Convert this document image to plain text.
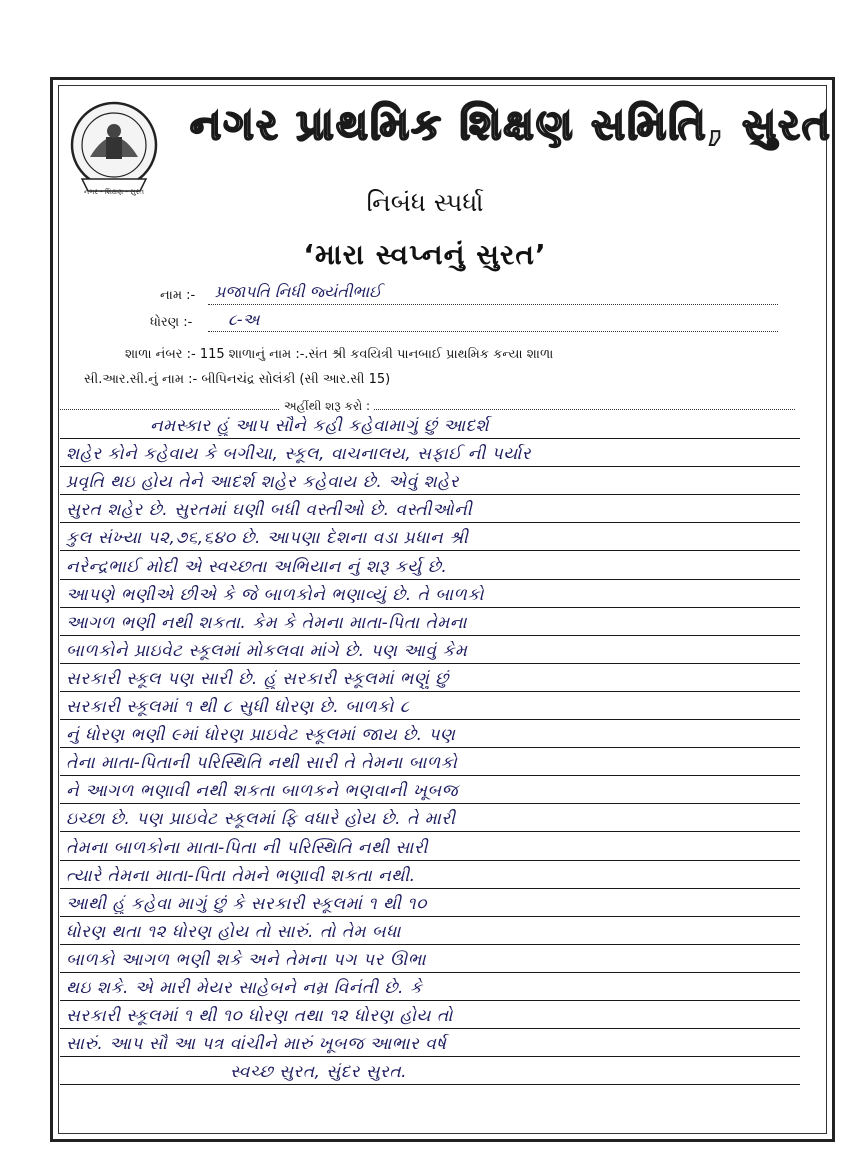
નગર - શિક્ષણ - સુરત
નગર પ્રાથમિક શિક્ષણ સમિતિ, સુરત
નિબંધ સ્પર્ધા
‘મારા સ્વપ્નનું સુરત’
નામ :- પ્રજાપતિ નિધી જ્યંતીભાઈ
ધોરણ :- ૮-અ
શાળા નંબર :- 115 શાળાનું નામ :-.સંત શ્રી કવયિત્રી પાનબાઈ પ્રાથમિક કન્યા શાળા
સી.આર.સી.નું નામ :- બીપિનચંદ્ર સોલંકી (સી આર.સી 15)
અહીંથી શરૂ કરો :
નમસ્કાર હું આપ સૌને કહી કહેવામાગું છું આદર્શ
શહેર કોને કહેવાય કે બગીચા, સ્કૂલ, વાચનાલય, સફાઈ ની પર્યાર
પ્રવૃતિ થઇ હોય તેને આદર્શ શહેર કહેવાય છે. એવું શહેર
સુરત શહેર છે. સુરતમાં ઘણી બધી વસ્તીઓ છે. વસ્તીઓની
કુલ સંખ્યા ૫૨,૭૬,૬૪૦ છે. આપણા દેશના વડા પ્રધાન શ્રી
નરેન્દ્રભાઈ મોદી એ સ્વચ્છતા અભિયાન નું શરૂ કર્યુ છે.
આપણે ભણીએ છીએ કે જે બાળકોને ભણાવ્યું છે. તે બાળકો
આગળ ભણી નથી શકતા. કેમ કે તેમના માતા-પિતા તેમના
બાળકોને પ્રાઇવેટ સ્કૂલમાં મોકલવા માંગે છે. પણ આવું કેમ
સરકારી સ્કૂલ પણ સારી છે. હું સરકારી સ્કૂલમાં ભણું છું
સરકારી સ્કૂલમાં ૧ થી ૮ સુધી ધોરણ છે. બાળકો ૮
નું ધોરણ ભણી ૯માં ધોરણ પ્રાઇવેટ સ્કૂલમાં જાય છે. પણ
તેના માતા-પિતાની પરિસ્થિતિ નથી સારી તે તેમના બાળકો
ને આગળ ભણાવી નથી શકતા બાળકને ભણવાની ખૂબજ
ઇચ્છા છે. પણ પ્રાઇવેટ સ્કૂલમાં ફિ વધારે હોય છે. તે મારી
તેમના બાળકોના માતા-પિતા ની પરિસ્થિતિ નથી સારી
ત્યારે તેમના માતા-પિતા તેમને ભણાવી શકતા નથી.
આથી હું કહેવા માગું છું કે સરકારી સ્કૂલમાં ૧ થી ૧૦
ધોરણ થતા ૧૨ ધોરણ હોય તો સારું. તો તેમ બધા
બાળકો આગળ ભણી શકે અને તેમના પગ પર ઊભા
થઇ શકે. એ મારી મેયર સાહેબને નમ્ર વિનંતી છે. કે
સરકારી સ્કૂલમાં ૧ થી ૧૦ ધોરણ તથા ૧૨ ધોરણ હોય તો
સારું. આપ સૌ આ પત્ર વાંચીને મારું ખૂબજ આભાર વર્ષ
સ્વચ્છ સુરત, સુંદર સુરત.
